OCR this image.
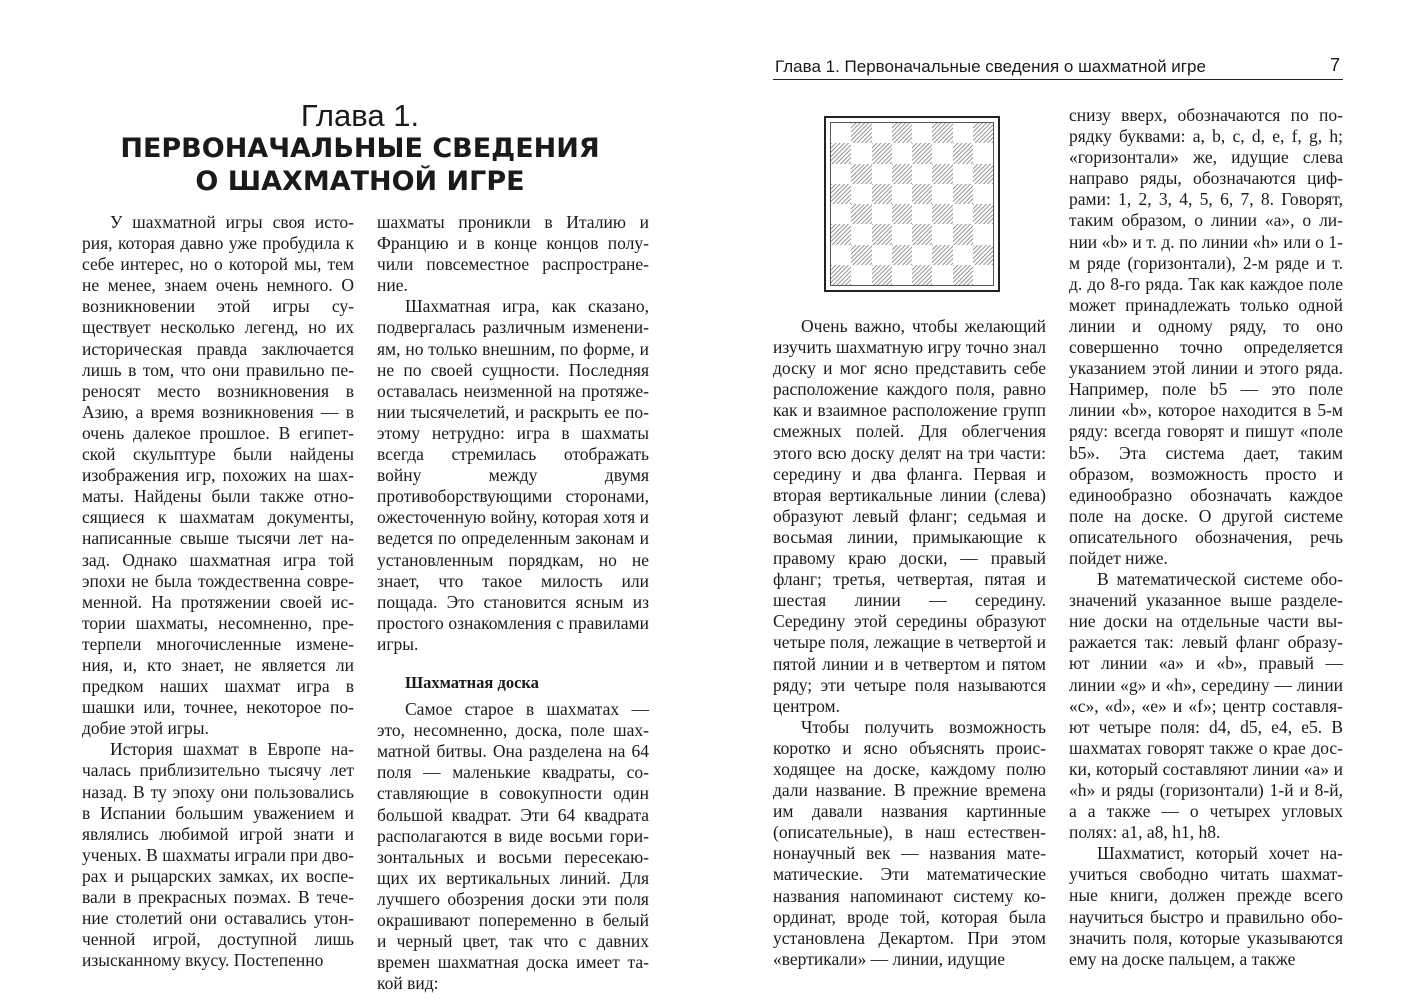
Глава 1.
ПЕРВОНАЧАЛЬНЫЕ СВЕДЕНИЯ
О ШАХМАТНОЙ ИГРЕ

У шахматной игры своя история, которая давно уже пробудила к себе интерес, но о которой мы, тем не менее, знаем очень немного. О возникновении этой игры существует несколько легенд, но их историческая правда заключается лишь в том, что они правильно переносят место возникновения в Азию, а время возникновения — в очень далекое прошлое. В египетской скульптуре были найдены изображения игр, похожих на шахматы. Найдены были также относящиеся к шахматам документы, написанные свыше тысячи лет назад. Однако шахматная игра той эпохи не была тождественна современной. На протяжении своей истории шахматы, несомненно, претерпели многочисленные изменения, и, кто знает, не является ли предком наших шахмат игра в шашки или, точнее, некоторое подобие этой игры.

История шахмат в Европе началась приблизительно тысячу лет назад. В ту эпоху они пользовались в Испании большим уважением и являлись любимой игрой знати и ученых. В шахматы играли при дворах и рыцарских замках, их воспевали в прекрасных поэмах. В течение столетий они оставались утонченной игрой, доступной лишь изысканному вкусу. Постепенно

шахматы проникли в Италию и Францию и в конце концов получили повсеместное распространение.

Шахматная игра, как сказано, подвергалась различным изменениям, но только внешним, по форме, и не по своей сущности. Последняя оставалась неизменной на протяжении тысячелетий, и раскрыть ее поэтому нетрудно: игра в шахматы всегда стремилась отображать войну между двумя противоборствующими сторонами, ожесточенную войну, которая хотя и ведется по определенным законам и установленным порядкам, но не знает, что такое милость или пощада. Это становится ясным из простого ознакомления с правилами игры.

Шахматная доска

Самое старое в шахматах — это, несомненно, доска, поле шахматной битвы. Она разделена на 64 поля — маленькие квадраты, составляющие в совокупности один большой квадрат. Эти 64 квадрата располагаются в виде восьми горизонтальных и восьми пересекающих их вертикальных линий. Для лучшего обозрения доски эти поля окрашивают попеременно в белый и черный цвет, так что с давних времен шахматная доска имеет такой вид:

Глава 1. Первоначальные сведения о шахматной игре	7

Очень важно, чтобы желающий изучить шахматную игру точно знал доску и мог ясно представить себе расположение каждого поля, равно как и взаимное расположение групп смежных полей. Для облегчения этого всю доску делят на три части: середину и два фланга. Первая и вторая вертикальные линии (слева) образуют левый фланг; седьмая и восьмая линии, примыкающие к правому краю доски, — правый фланг; третья, четвертая, пятая и шестая линии — середину. Середину этой середины образуют четыре поля, лежащие в четвертой и пятой линии и в четвертом и пятом ряду; эти четыре поля называются центром.

Чтобы получить возможность коротко и ясно объяснять происходящее на доске, каждому полю дали название. В прежние времена им давали названия картинные (описательные), в наш естественнонаучный век — названия математические. Эти математические названия напоминают систему координат, вроде той, которая была установлена Декартом. При этом «вертикали» — линии, идущие

снизу вверх, обозначаются по порядку буквами: a, b, c, d, e, f, g, h; «горизонтали» же, идущие слева направо ряды, обозначаются цифрами: 1, 2, 3, 4, 5, 6, 7, 8. Говорят, таким образом, о линии «a», о линии «b» и т. д. по линии «h» или о 1-м ряде (горизонтали), 2-м ряде и т. д. до 8-го ряда. Так как каждое поле может принадлежать только одной линии и одному ряду, то оно совершенно точно определяется указанием этой линии и этого ряда. Например, поле b5 — это поле линии «b», которое находится в 5-м ряду: всегда говорят и пишут «поле b5». Эта система дает, таким образом, возможность просто и единообразно обозначать каждое поле на доске. О другой системе описательного обозначения, речь пойдет ниже.

В математической системе обозначений указанное выше разделение доски на отдельные части выражается так: левый фланг образуют линии «a» и «b», правый — линии «g» и «h», середину — линии «c», «d», «e» и «f»; центр составляют четыре поля: d4, d5, e4, e5. В шахматах говорят также о крае доски, который составляют линии «a» и «h» и ряды (горизонтали) 1-й и 8-й, а а также — о четырех угловых полях: a1, a8, h1, h8.

Шахматист, который хочет научиться свободно читать шахматные книги, должен прежде всего научиться быстро и правильно обозначить поля, которые указываются ему на доске пальцем, а также
